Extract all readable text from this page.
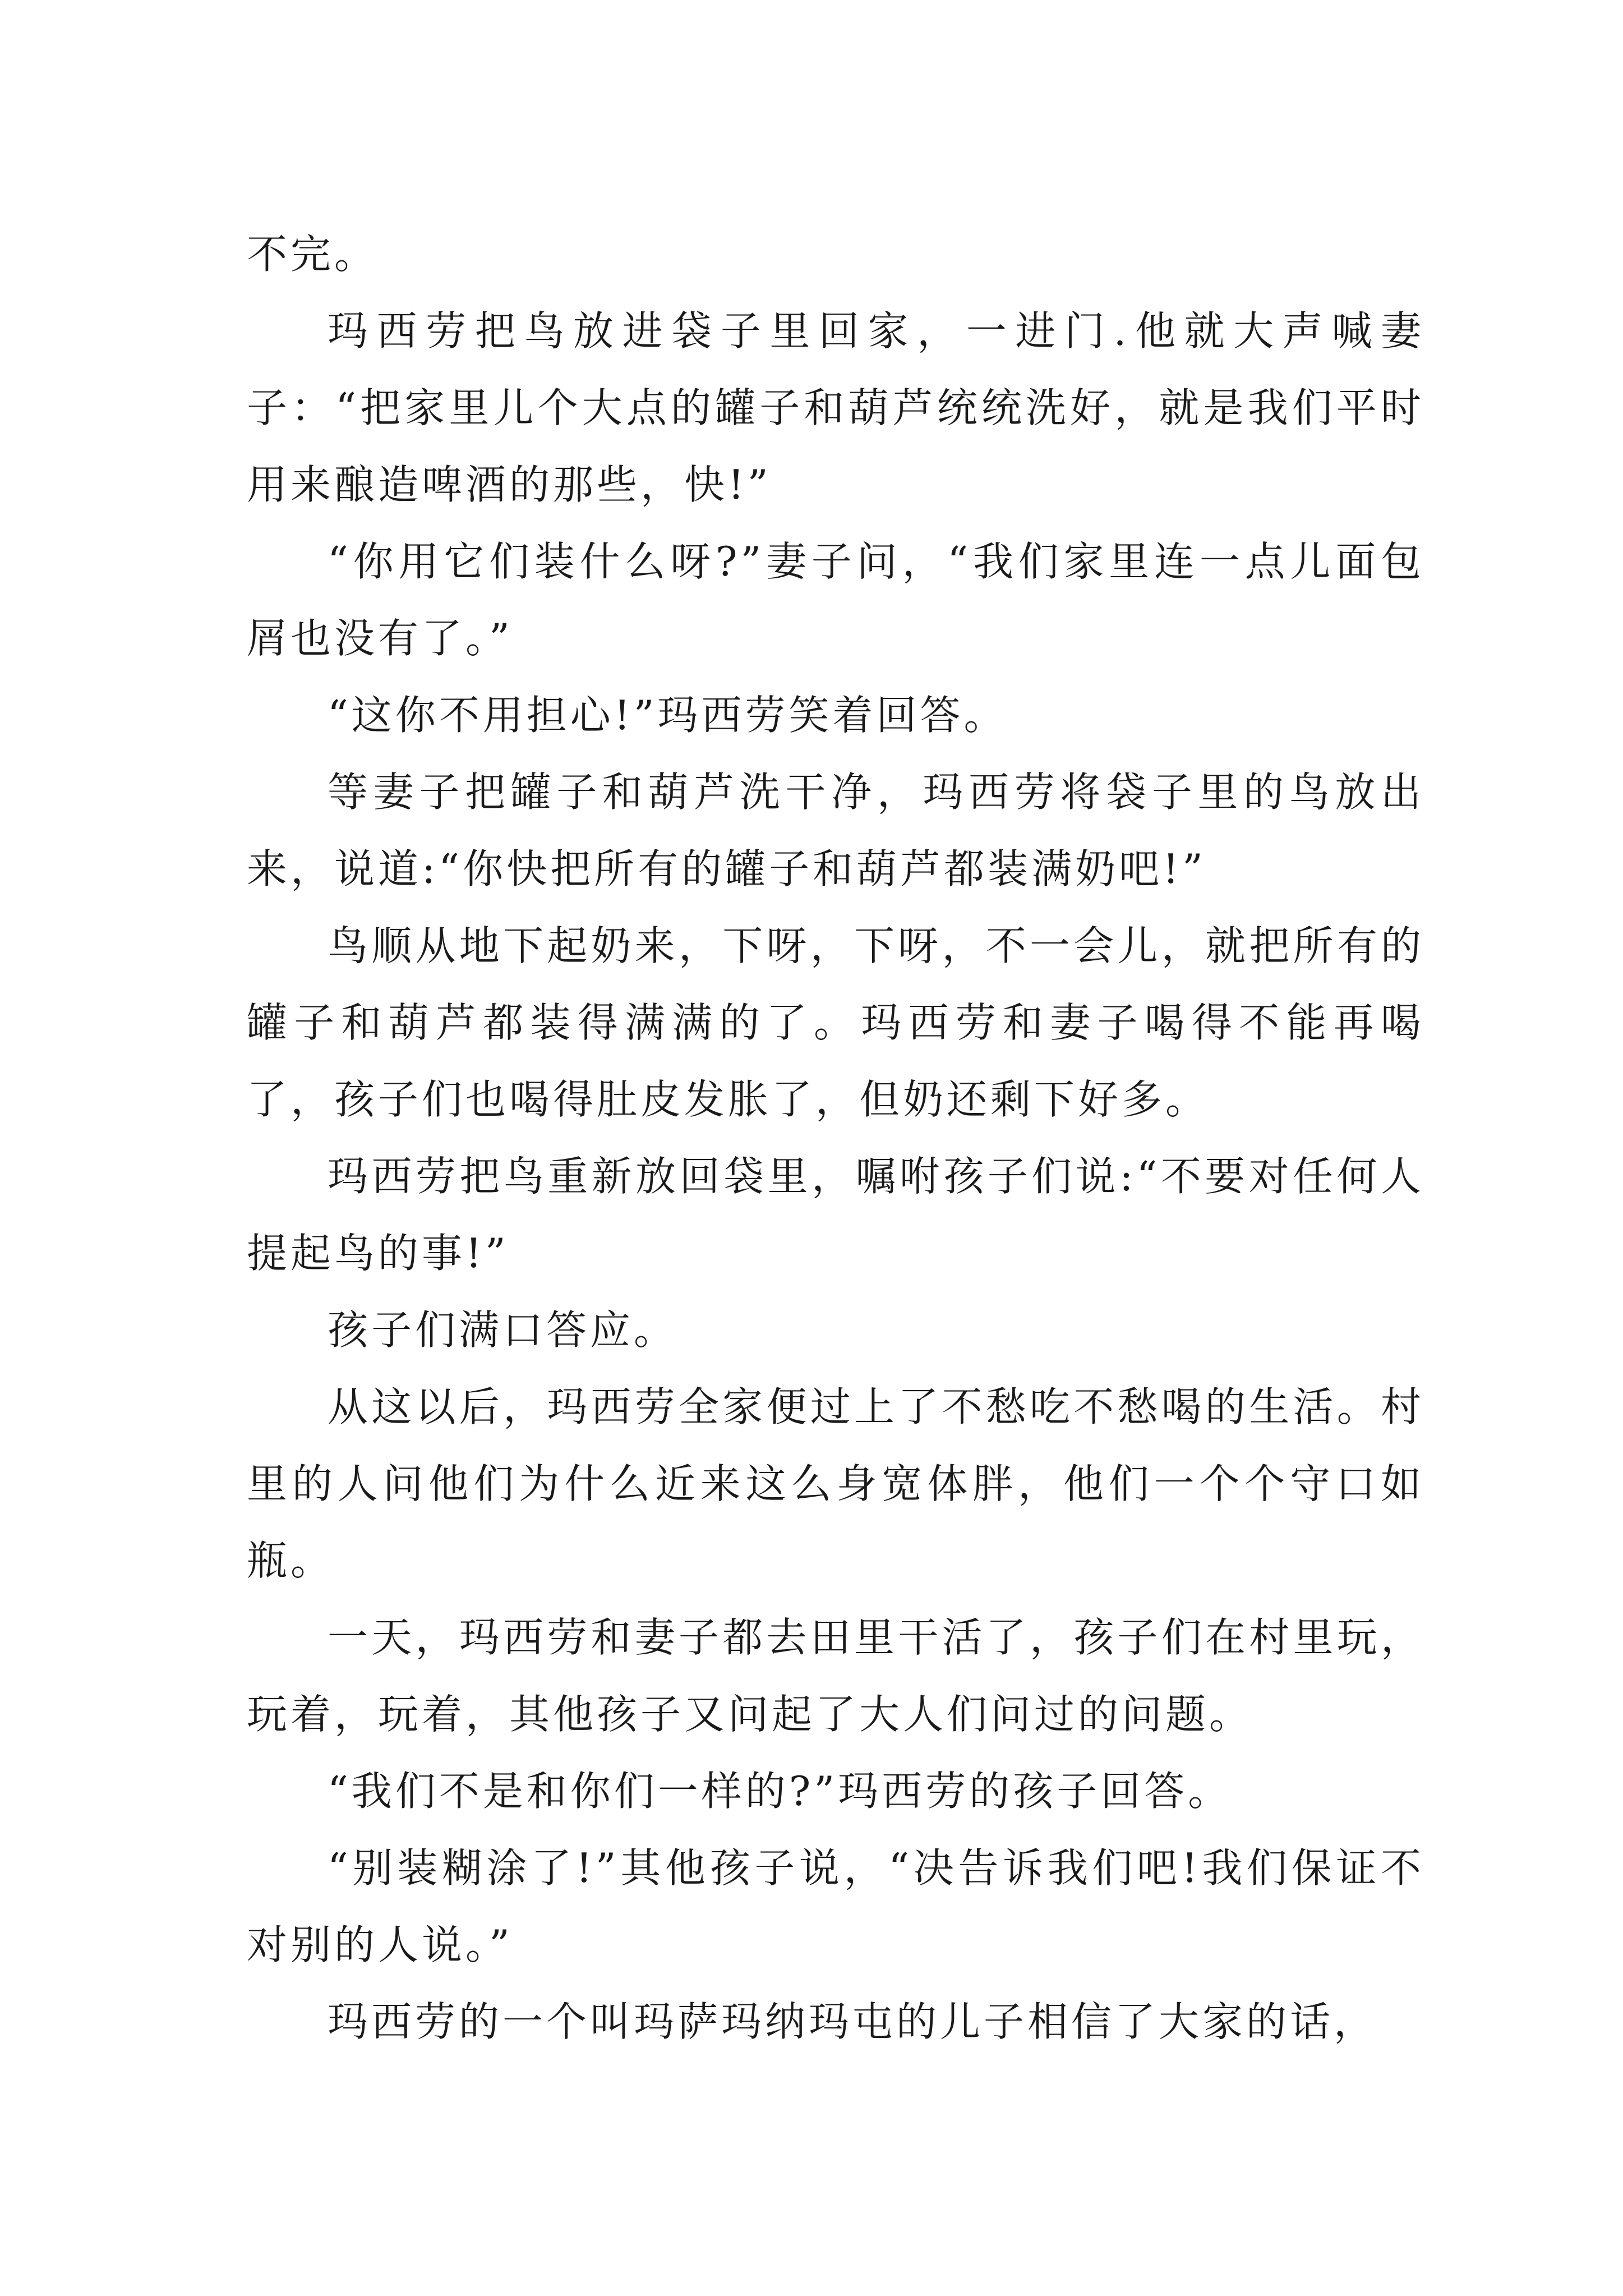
不完。

玛西劳把鸟放进袋子里回家，一进门.他就大声喊妻子：“把家里儿个大点的罐子和葫芦统统洗好，就是我们平时用来酿造啤酒的那些，快!”

“你用它们装什么呀?”妻子问，“我们家里连一点儿面包屑也没有了。”

“这你不用担心!”玛西劳笑着回答。

等妻子把罐子和葫芦洗干净，玛西劳将袋子里的鸟放出来，说道:“你快把所有的罐子和葫芦都装满奶吧!”

鸟顺从地下起奶来，下呀，下呀，不一会儿，就把所有的罐子和葫芦都装得满满的了。玛西劳和妻子喝得不能再喝了，孩子们也喝得肚皮发胀了，但奶还剩下好多。

玛西劳把鸟重新放回袋里，嘱咐孩子们说:“不要对任何人提起鸟的事!”

孩子们满口答应。

从这以后，玛西劳全家便过上了不愁吃不愁喝的生活。村里的人问他们为什么近来这么身宽体胖，他们一个个守口如瓶。

一天，玛西劳和妻子都去田里干活了，孩子们在村里玩，玩着，玩着，其他孩子又问起了大人们问过的问题。

“我们不是和你们一样的?”玛西劳的孩子回答。

“别装糊涂了!”其他孩子说，“决告诉我们吧!我们保证不对别的人说。”

玛西劳的一个叫玛萨玛纳玛屯的儿子相信了大家的话，
